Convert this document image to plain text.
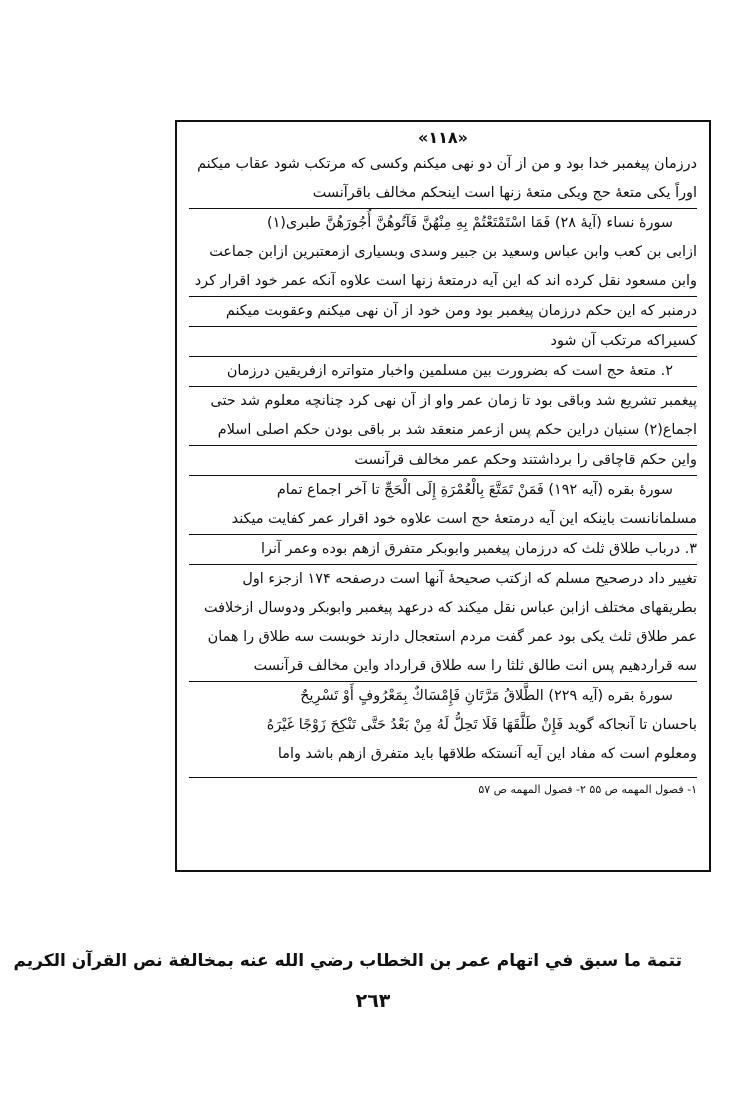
«۱۱۸»
درزمان پیغمبر خدا بود و من از آن دو نهی میکنم وکسی که مرتکب شود عقاب میکنم
اوراً یکی متعۀ حج ویکی متعۀ زنها است اینحکم مخالف باقرآنست
سورۀ نساء (آیۀ ۲۸) فَمَا اسْتَمْتَعْتُمْ بِهِ مِنْهُنَّ فَآتُوهُنَّ أُجُورَهُنَّ طبری(۱)
ازابی بن کعب وابن عباس وسعید بن جبیر وسدی وبسیاری ازمعتبرین ازابن جماعت
وابن مسعود نقل کرده اند که این آیه درمتعۀ زنها است علاوه آنکه عمر خود اقرار کرد
درمنبر که این حکم درزمان پیغمبر بود ومن خود از آن نهی میکنم وعقوبت میکنم
کسیراکه مرتکب آن شود
۲. متعۀ حج است که بضرورت بین مسلمین واخبار متواتره ازفریقین درزمان
پیغمبر تشریع شد وباقی بود تا زمان عمر واو از آن نهی کرد چنانچه معلوم شد حتی
اجماع(۲) سنیان دراین حکم پس ازعمر منعقد شد بر باقی بودن حکم اصلی اسلام
واین حکم قاچاقی را برداشتند وحکم عمر مخالف قرآنست
سورۀ بقره (آیه ۱۹۲) فَمَنْ تَمَتَّعَ بِالْعُمْرَةِ إِلَى الْحَجِّ تا آخر اجماع تمام
مسلمانانست باینکه این آیه درمتعۀ حج است علاوه خود اقرار عمر کفایت میکند
۳. درباب طلاق ثلث که درزمان پیغمبر وابوبکر متفرق ازهم بوده وعمر آنرا
تغییر داد درصحیح مسلم که ازکتب صحیحۀ آنها است درصفحه ۱۷۴ ازجزء اول
بطریقهای مختلف ازابن عباس نقل میکند که درعهد پیغمبر وابوبکر ودوسال ازخلافت
عمر طلاق ثلث یکی بود عمر گفت مردم استعجال دارند خوبست سه طلاق را همان
سه قراردهیم پس انت طالق ثلثا را سه طلاق قرارداد واین مخالف قرآنست
سورۀ بقره (آیه ۲۲۹) الطَّلاقُ مَرَّتَانِ فَإِمْسَاكٌ بِمَعْرُوفٍ أَوْ تَسْرِيحٌ
باحسان تا آنجاکه گوید فَإِنْ طَلَّقَهَا فَلَا تَحِلُّ لَهُ مِنْ بَعْدُ حَتَّى تَنْكِحَ زَوْجًا غَيْرَهُ
ومعلوم است که مفاد این آیه آنستکه طلاقها باید متفرق ازهم باشد واما
۱- فصول المهمه ص ۵۵ ۲- فصول المهمه ص ۵۷
تتمة ما سبق في اتهام عمر بن الخطاب رضي الله عنه بمخالفة نص القرآن الكريم
٢٦٣
